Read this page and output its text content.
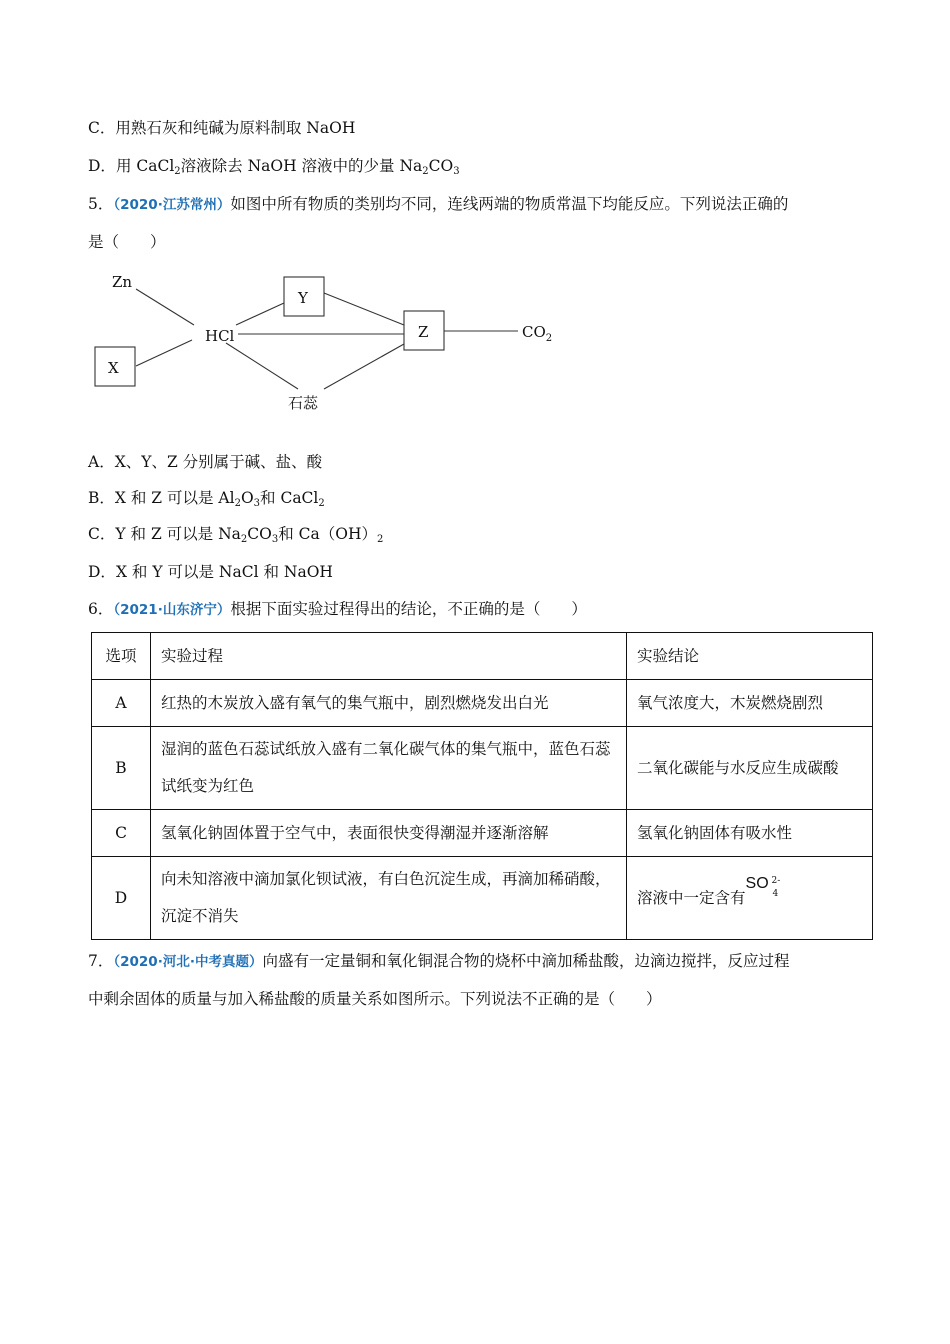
C．用熟石灰和纯碱为原料制取 NaOH
D．用 CaCl$_2$溶液除去 NaOH 溶液中的少量 $Na_2CO_3$
5．（2020·江苏常州）如图中所有物质的类别均不同，连线两端的物质常温下均能反应。下列说法正确的
是（　　）
Zn
HCl
Y
Z
X
石蕊
$CO_2$
A．X、Y、Z 分别属于碱、盐、酸
B．X 和 Z 可以是 $Al_2O_3$和 CaCl$_2$
C．Y 和 Z 可以是 $Na_2CO_3$和 $Ca(OH)_2$
D．X 和 Y 可以是 NaCl 和 NaOH
6．（2021·山东济宁）根据下面实验过程得出的结论，不正确的是（　　）
选项	实验过程	实验结论
A	红热的木炭放入盛有氧气的集气瓶中，剧烈燃烧发出白光	氧气浓度大，木炭燃烧剧烈
B	湿润的蓝色石蕊试纸放入盛有二氧化碳气体的集气瓶中，蓝色石蕊试纸变为红色	二氧化碳能与水反应生成碳酸
C	氢氧化钠固体置于空气中，表面很快变得潮湿并逐渐溶解	氢氧化钠固体有吸水性
D	向未知溶液中滴加氯化钡试液，有白色沉淀生成，再滴加稀硝酸，沉淀不消失	溶液中一定含有
SO 2-
4
7．（2020·河北·中考真题）向盛有一定量铜和氧化铜混合物的烧杯中滴加稀盐酸，边滴边搅拌，反应过程
中剩余固体的质量与加入稀盐酸的质量关系如图所示。下列说法不正确的是（　　）
